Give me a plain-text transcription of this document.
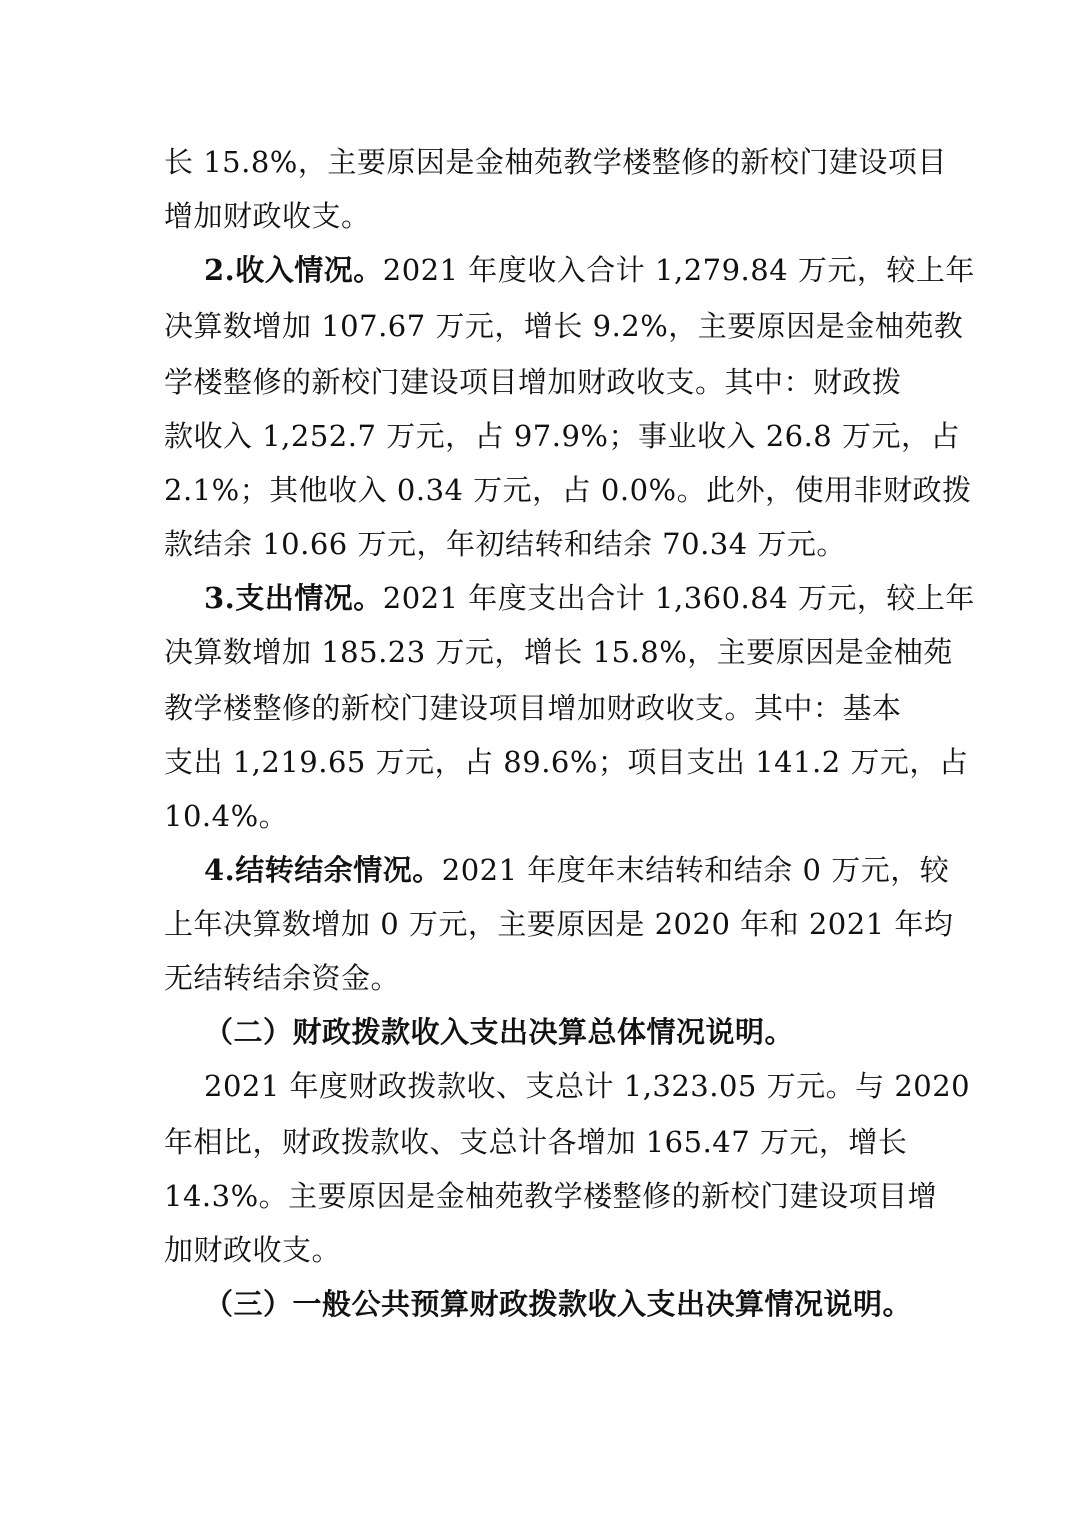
长 15.8%，主要原因是金柚苑教学楼整修的新校门建设项目
增加财政收支。
2.收入情况。2021 年度收入合计 1,279.84 万元，较上年
决算数增加 107.67 万元，增长 9.2%，主要原因是金柚苑教
学楼整修的新校门建设项目增加财政收支。其中：财政拨
款收入 1,252.7 万元，占 97.9%；事业收入 26.8 万元，占
2.1%；其他收入 0.34 万元，占 0.0%。此外，使用非财政拨
款结余 10.66 万元，年初结转和结余 70.34 万元。
3.支出情况。2021 年度支出合计 1,360.84 万元，较上年
决算数增加 185.23 万元，增长 15.8%，主要原因是金柚苑
教学楼整修的新校门建设项目增加财政收支。其中：基本
支出 1,219.65 万元，占 89.6%；项目支出 141.2 万元，占
10.4%。
4.结转结余情况。2021 年度年末结转和结余 0 万元，较
上年决算数增加 0 万元，主要原因是 2020 年和 2021 年均
无结转结余资金。
（二）财政拨款收入支出决算总体情况说明。
2021 年度财政拨款收、支总计 1,323.05 万元。与 2020
年相比，财政拨款收、支总计各增加 165.47 万元，增长
14.3%。主要原因是金柚苑教学楼整修的新校门建设项目增
加财政收支。
（三）一般公共预算财政拨款收入支出决算情况说明。
